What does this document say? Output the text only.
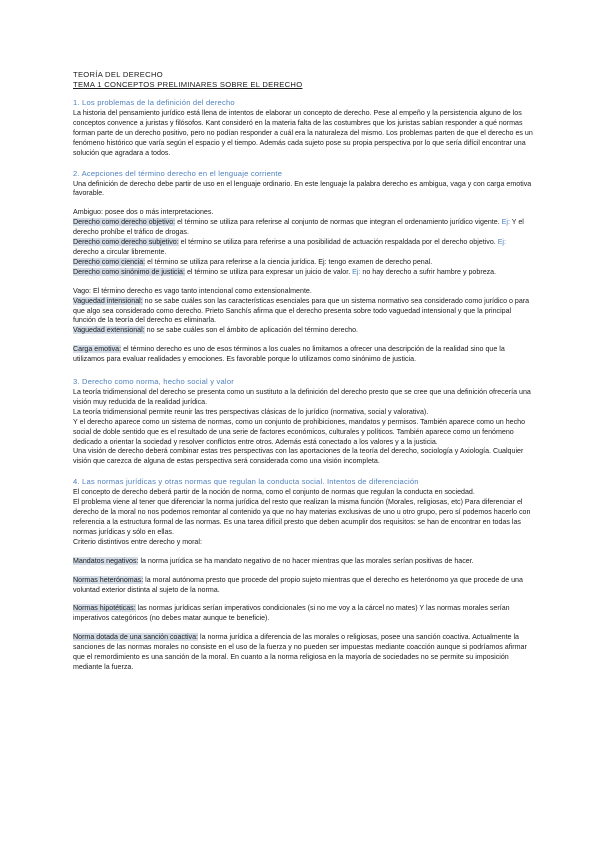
TEORÍA DEL DERECHO
TEMA 1 CONCEPTOS PRELIMINARES SOBRE EL DERECHO
1. Los problemas de la definición del derecho

La historia del pensamiento jurídico está llena de intentos de elaborar un concepto de derecho. Pese al empeño y la persistencia alguno de los conceptos convence a juristas y filósofos. Kant consideró en la materia falta de las costumbres que los juristas sabían responder a qué normas forman parte de un derecho positivo, pero no podían responder a cuál era la naturaleza del mismo. Los problemas parten de que el derecho es un fenómeno histórico que varía según el espacio y el tiempo. Además cada sujeto pose su propia perspectiva por lo que sería difícil encontrar una solución que agradara a todos.

2. Acepciones del término derecho en el lenguaje corriente

Una definición de derecho debe partir de uso en el lenguaje ordinario. En este lenguaje la palabra derecho es ambigua, vaga y con carga emotiva favorable.

Ambiguo: posee dos o más interpretaciones.

Derecho como derecho objetivo: el término se utiliza para referirse al conjunto de normas que integran el ordenamiento jurídico vigente. Ej: Y el derecho prohíbe el tráfico de drogas.

Derecho como derecho subjetivo: el término se utiliza para referirse a una posibilidad de actuación respaldada por el derecho objetivo. Ej: derecho a circular libremente.

Derecho como ciencia: el término se utiliza para referirse a la ciencia jurídica. Ej: tengo examen de derecho penal.

Derecho como sinónimo de justicia: el término se utiliza para expresar un juicio de valor. Ej: no hay derecho a sufrir hambre y pobreza.

Vago: El término derecho es vago tanto intencional como extensionalmente.

Vaguedad intensional: no se sabe cuáles son las características esenciales para que un sistema normativo sea considerado como jurídico o para que algo sea considerado como derecho. Prieto Sanchís afirma que el derecho presenta sobre todo vaguedad intensional y que la principal función de la teoría del derecho es eliminarla.

Vaguedad extensional: no se sabe cuáles son el ámbito de aplicación del término derecho.

Carga emotiva: el término derecho es uno de esos términos a los cuales no limitamos a ofrecer una descripción de la realidad sino que la utilizamos para evaluar realidades y emociones. Es favorable porque lo utilizamos como sinónimo de justicia.

3. Derecho como norma, hecho social y valor

La teoría tridimensional del derecho se presenta como un sustituto a la definición del derecho presto que se cree que una definición ofrecería una visión muy reducida de la realidad jurídica.

La teoría tridimensional permite reunir las tres perspectivas clásicas de lo jurídico (normativa, social y valorativa).

Y el derecho aparece como un sistema de normas, como un conjunto de prohibiciones, mandatos y permisos. También aparece como un hecho social de doble sentido que es el resultado de una serie de factores económicos, culturales y políticos. También aparece como un fenómeno dedicado a orientar la sociedad y resolver conflictos entre otros. Además está conectado a los valores y a la justicia.

Una visión de derecho deberá combinar estas tres perspectivas con las aportaciones de la teoría del derecho, sociología y Axiología. Cualquier visión que carezca de alguna de estas perspectiva será considerada como una visión incompleta.

4. Las normas jurídicas y otras normas que regulan la conducta social. Intentos de diferenciación

El concepto de derecho deberá partir de la noción de norma, como el conjunto de normas que regulan la conducta en sociedad.

El problema viene al tener que diferenciar la norma jurídica del resto que realizan la misma función (Morales, religiosas, etc) Para diferenciar el derecho de la moral no nos podemos remontar al contenido ya que no hay materias exclusivas de uno u otro grupo, pero sí podemos hacerlo con referencia a la estructura formal de las normas. Es una tarea difícil presto que deben acumplir dos requisitos: se han de encontrar en todas las normas jurídicas y sólo en ellas.

Criterio distintivos entre derecho y moral:

Mandatos negativos: la norma jurídica se ha mandato negativo de no hacer mientras que las morales serían positivas de hacer.

Normas heterónomas: la moral autónoma presto que procede del propio sujeto mientras que el derecho es heterónomo ya que procede de una voluntad exterior distinta al sujeto de la norma.

Normas hipotéticas: las normas jurídicas serían imperativos condicionales (si no me voy a la cárcel no mates) Y las normas morales serían imperativos categóricos (no debes matar aunque te beneficie).

Norma dotada de una sanción coactiva: la norma jurídica a diferencia de las morales o religiosas, posee una sanción coactiva. Actualmente la sanciones de las normas morales no consiste en el uso de la fuerza y no pueden ser impuestas mediante coacción aunque si podríamos afirmar que el remordimiento es una sanción de la moral. En cuanto a la norma religiosa en la mayoría de sociedades no se permite su imposición mediante la fuerza.
